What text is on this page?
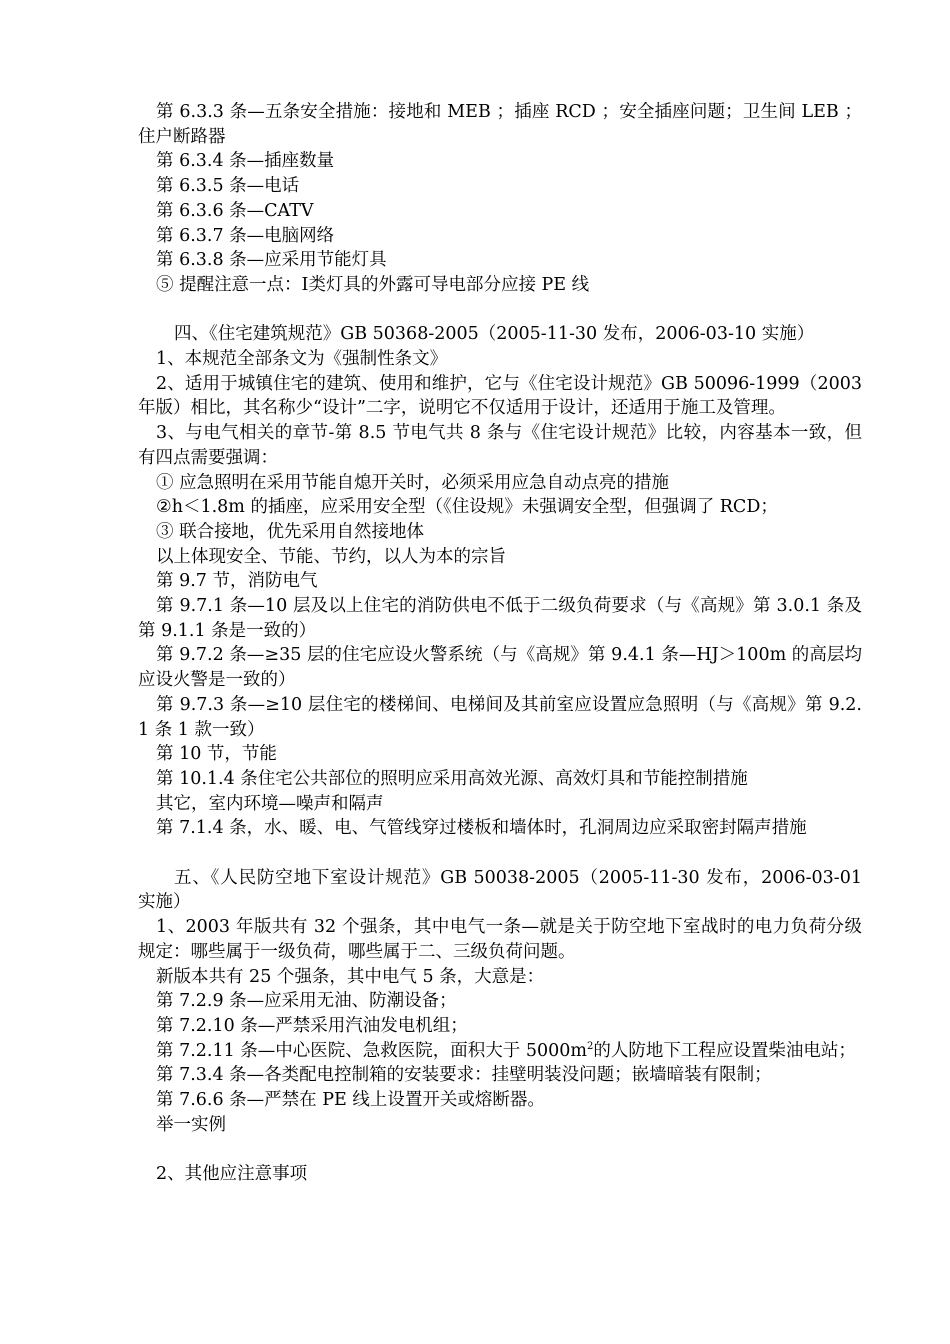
第 6.3.3 条—五条安全措施：接地和 MEB ；插座 RCD ；安全插座问题；卫生间 LEB ；住户断路器

第 6.3.4 条—插座数量

第 6.3.5 条—电话

第 6.3.6 条—CATV

第 6.3.7 条—电脑网络

第 6.3.8 条—应采用节能灯具

⑤ 提醒注意一点：Ⅰ类灯具的外露可导电部分应接 PE 线

四、《住宅建筑规范》GB 50368-2005（2005-11-30 发布，2006-03-10 实施）

1、本规范全部条文为《强制性条文》

2、适用于城镇住宅的建筑、使用和维护，它与《住宅设计规范》GB 50096-1999（2003 年版）相比，其名称少“设计”二字，说明它不仅适用于设计，还适用于施工及管理。

3、与电气相关的章节-第 8.5 节电气共 8 条与《住宅设计规范》比较，内容基本一致，但有四点需要强调：

① 应急照明在采用节能自熄开关时，必须采用应急自动点亮的措施

②h＜1.8m 的插座，应采用安全型（《住设规》未强调安全型，但强调了 RCD；

③ 联合接地，优先采用自然接地体

以上体现安全、节能、节约，以人为本的宗旨

第 9.7 节，消防电气

第 9.7.1 条—10 层及以上住宅的消防供电不低于二级负荷要求（与《高规》第 3.0.1 条及第 9.1.1 条是一致的）

第 9.7.2 条—≥35 层的住宅应设火警系统（与《高规》第 9.4.1 条—HJ＞100m 的高层均应设火警是一致的）

第 9.7.3 条—≥10 层住宅的楼梯间、电梯间及其前室应设置应急照明（与《高规》第 9.2.1 条 1 款一致）

第 10 节，节能

第 10.1.4 条住宅公共部位的照明应采用高效光源、高效灯具和节能控制措施

其它，室内环境—噪声和隔声

第 7.1.4 条，水、暖、电、气管线穿过楼板和墙体时，孔洞周边应采取密封隔声措施

五、《人民防空地下室设计规范》GB 50038-2005（2005-11-30 发布，2006-03-01 实施）

1、2003 年版共有 32 个强条，其中电气一条—就是关于防空地下室战时的电力负荷分级规定：哪些属于一级负荷，哪些属于二、三级负荷问题。

新版本共有 25 个强条，其中电气 5 条，大意是：

第 7.2.9 条—应采用无油、防潮设备；

第 7.2.10 条—严禁采用汽油发电机组；

第 7.2.11 条—中心医院、急救医院，面积大于 $5000m^2$的人防地下工程应设置柴油电站；

第 7.3.4 条—各类配电控制箱的安装要求：挂壁明装没问题；嵌墙暗装有限制；

第 7.6.6 条—严禁在 PE 线上设置开关或熔断器。

举一实例

2、其他应注意事项
